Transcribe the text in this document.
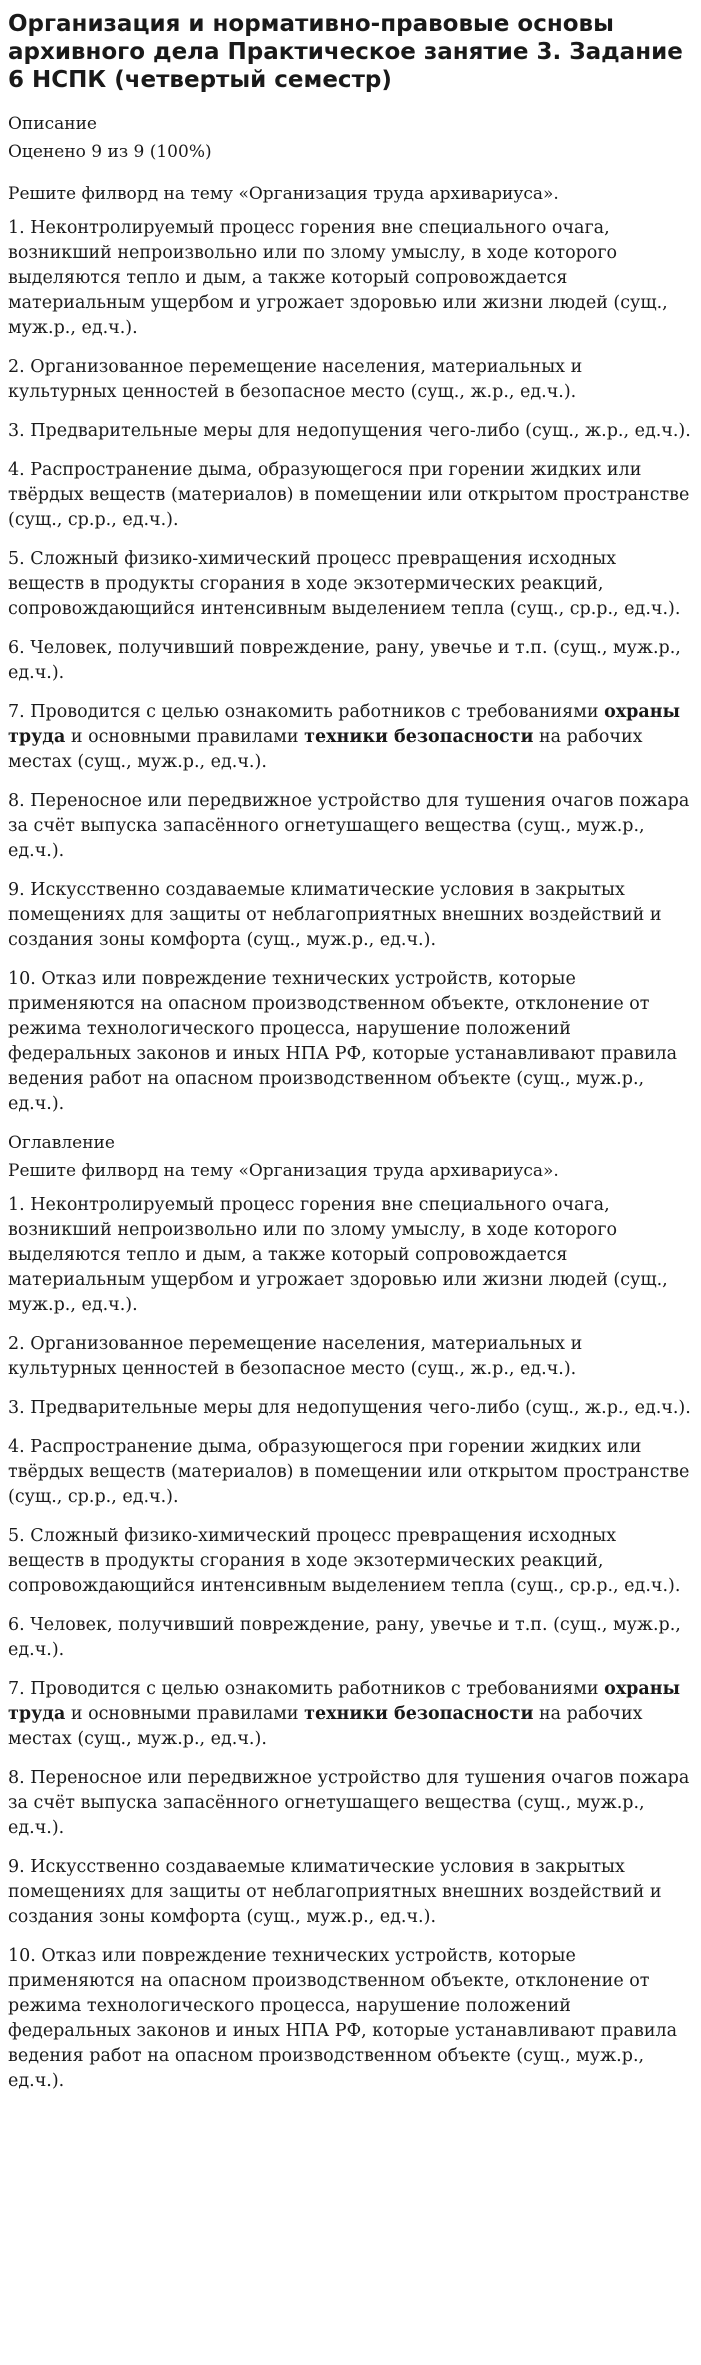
Организация и нормативно-правовые основы архивного дела Практическое занятие 3. Задание 6 НСПК (четвертый семестр)

Описание

Оценено 9 из 9 (100%)

Решите филворд на тему «Организация труда архивариуса».

1. Неконтролируемый процесс горения вне специального очага, возникший непроизвольно или по злому умыслу, в ходе которого выделяются тепло и дым, а также который сопровождается материальным ущербом и угрожает здоровью или жизни людей (сущ., муж.р., ед.ч.).

2. Организованное перемещение населения, материальных и культурных ценностей в безопасное место (сущ., ж.р., ед.ч.).

3. Предварительные меры для недопущения чего-либо (сущ., ж.р., ед.ч.).

4. Распространение дыма, образующегося при горении жидких или твёрдых веществ (материалов) в помещении или открытом пространстве (сущ., ср.р., ед.ч.).

5. Сложный физико-химический процесс превращения исходных веществ в продукты сгорания в ходе экзотермических реакций, сопровождающийся интенсивным выделением тепла (сущ., ср.р., ед.ч.).

6. Человек, получивший повреждение, рану, увечье и т.п. (сущ., муж.р., ед.ч.).

7. Проводится с целью ознакомить работников с требованиями охраны труда и основными правилами техники безопасности на рабочих местах (сущ., муж.р., ед.ч.).

8. Переносное или передвижное устройство для тушения очагов пожара за счёт выпуска запасённого огнетушащего вещества (сущ., муж.р., ед.ч.).

9. Искусственно создаваемые климатические условия в закрытых помещениях для защиты от неблагоприятных внешних воздействий и создания зоны комфорта (сущ., муж.р., ед.ч.).

10. Отказ или повреждение технических устройств, которые применяются на опасном производственном объекте, отклонение от режима технологического процесса, нарушение положений федеральных законов и иных НПА РФ, которые устанавливают правила ведения работ на опасном производственном объекте (сущ., муж.р., ед.ч.).

Оглавление

Решите филворд на тему «Организация труда архивариуса».

1. Неконтролируемый процесс горения вне специального очага, возникший непроизвольно или по злому умыслу, в ходе которого выделяются тепло и дым, а также который сопровождается материальным ущербом и угрожает здоровью или жизни людей (сущ., муж.р., ед.ч.).

2. Организованное перемещение населения, материальных и культурных ценностей в безопасное место (сущ., ж.р., ед.ч.).

3. Предварительные меры для недопущения чего-либо (сущ., ж.р., ед.ч.).

4. Распространение дыма, образующегося при горении жидких или твёрдых веществ (материалов) в помещении или открытом пространстве (сущ., ср.р., ед.ч.).

5. Сложный физико-химический процесс превращения исходных веществ в продукты сгорания в ходе экзотермических реакций, сопровождающийся интенсивным выделением тепла (сущ., ср.р., ед.ч.).

6. Человек, получивший повреждение, рану, увечье и т.п. (сущ., муж.р., ед.ч.).

7. Проводится с целью ознакомить работников с требованиями охраны труда и основными правилами техники безопасности на рабочих местах (сущ., муж.р., ед.ч.).

8. Переносное или передвижное устройство для тушения очагов пожара за счёт выпуска запасённого огнетушащего вещества (сущ., муж.р., ед.ч.).

9. Искусственно создаваемые климатические условия в закрытых помещениях для защиты от неблагоприятных внешних воздействий и создания зоны комфорта (сущ., муж.р., ед.ч.).

10. Отказ или повреждение технических устройств, которые применяются на опасном производственном объекте, отклонение от режима технологического процесса, нарушение положений федеральных законов и иных НПА РФ, которые устанавливают правила ведения работ на опасном производственном объекте (сущ., муж.р., ед.ч.).
